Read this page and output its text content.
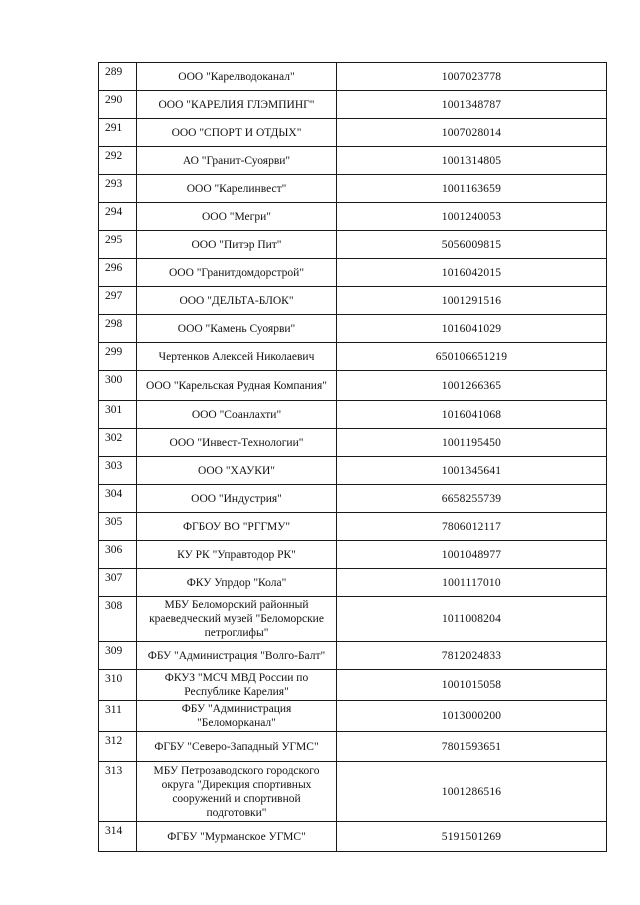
289	ООО "Карелводоканал"	1007023778
290	ООО "КАРЕЛИЯ ГЛЭМПИНГ"	1001348787
291	ООО "СПОРТ И ОТДЫХ"	1007028014
292	АО "Гранит-Суоярви"	1001314805
293	ООО "Карелинвест"	1001163659
294	ООО "Мегри"	1001240053
295	ООО "Питэр Пит"	5056009815
296	ООО "Гранитдомдорстрой"	1016042015
297	ООО "ДЕЛЬТА-БЛОК"	1001291516
298	ООО "Камень Суоярви"	1016041029
299	Чертенков Алексей Николаевич	650106651219
300	ООО "Карельская Рудная Компания"	1001266365
301	ООО "Соанлахти"	1016041068
302	ООО "Инвест-Технологии"	1001195450
303	ООО "ХАУКИ"	1001345641
304	ООО "Индустрия"	6658255739
305	ФГБОУ ВО "РГГМУ"	7806012117
306	КУ РК "Управтодор РК"	1001048977
307	ФКУ Упрдор "Кола"	1001117010
308	МБУ Беломорский районный краеведческий музей "Беломорские петроглифы"	1011008204
309	ФБУ "Администрация "Волго-Балт"	7812024833
310	ФКУЗ "МСЧ МВД России по Республике Карелия"	1001015058
311	ФБУ "Администрация "Беломорканал"	1013000200
312	ФГБУ "Северо-Западный УГМС"	7801593651
313	МБУ Петрозаводского городского округа "Дирекция спортивных сооружений и спортивной подготовки"	1001286516
314	ФГБУ "Мурманское УГМС"	5191501269
